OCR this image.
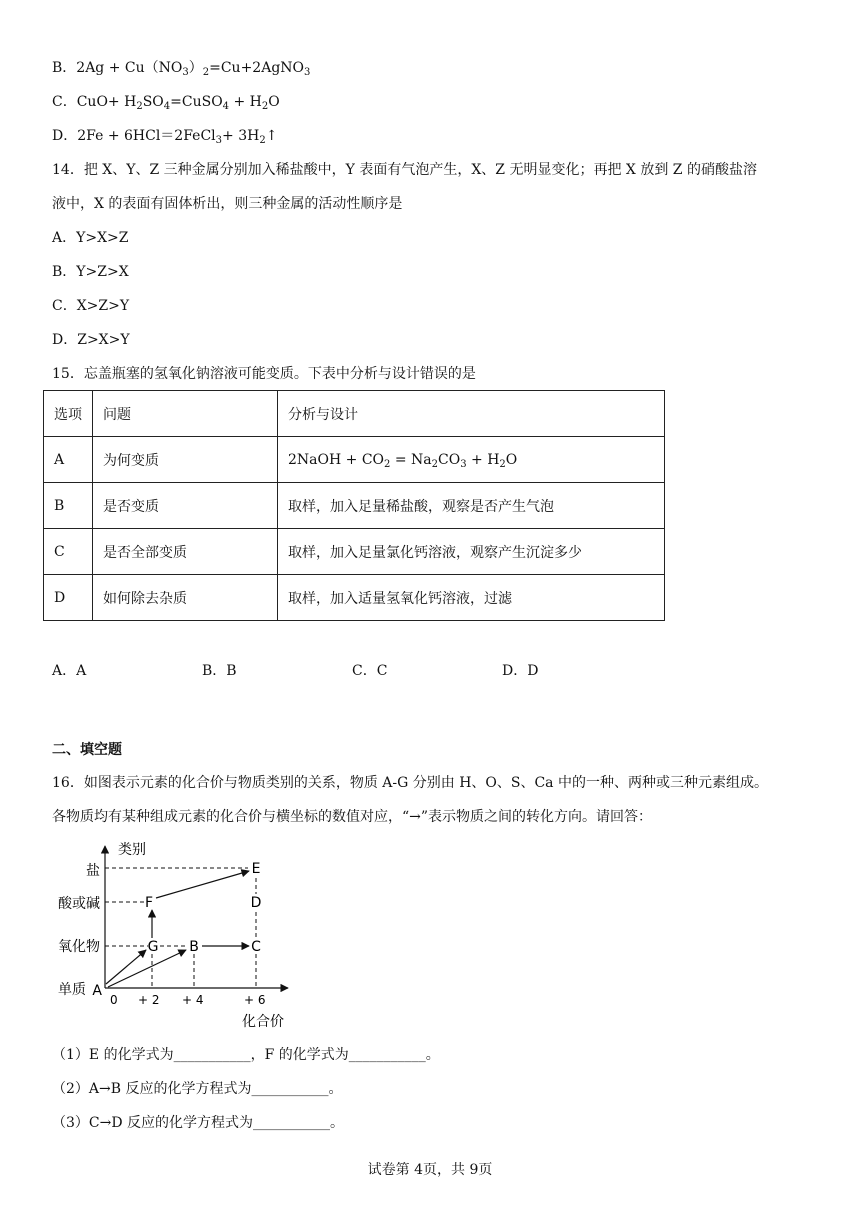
B．$2Ag + Cu(NO_3)_2=Cu+2AgNO_3$
C．$CuO+ H_2SO_4=CuSO_4 + H_2O$
D．2Fe + 6HCl＝2FeCl$_3$+ $3H_2↑$
14．把 X、Y、Z 三种金属分别加入稀盐酸中，Y 表面有气泡产生，X、Z 无明显变化；再把 X 放到 Z 的硝酸盐溶
液中，X 的表面有固体析出，则三种金属的活动性顺序是
A．Y>X>Z
B．Y>Z>X
C．X>Z>Y
D．Z>X>Y
15．忘盖瓶塞的氢氧化钠溶液可能变质。下表中分析与设计错误的是
选项	问题	分析与设计
A	为何变质	2NaOH + $CO_2 = Na_2CO_3 + H_2O$
B	是否变质	取样，加入足量稀盐酸，观察是否产生气泡
C	是否全部变质	取样，加入足量氯化钙溶液，观察产生沉淀多少
D	如何除去杂质	取样，加入适量氢氧化钙溶液，过滤
A．A	B．B	C．C	D．D
二、填空题
16．如图表示元素的化合价与物质类别的关系，物质 A-G 分别由 H、O、S、Ca 中的一种、两种或三种元素组成。
各物质均有某种组成元素的化合价与横坐标的数值对应，“→”表示物质之间的转化方向。请回答：
类别
化合价
盐
酸或碱
氧化物
单质
0 + 2 + 4	+ 6
A
B	C
D
E
F
G
（1）E 的化学式为___________，F 的化学式为___________。
（2）A→B 反应的化学方程式为___________。
（3）C→D 反应的化学方程式为___________。
试卷第 4页，共 9页
